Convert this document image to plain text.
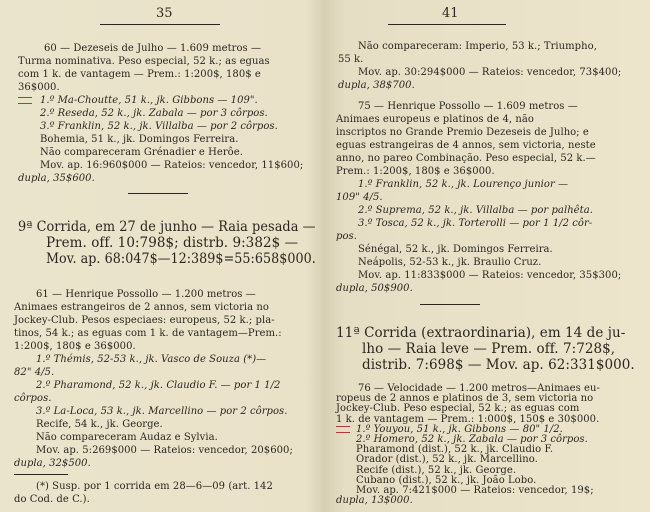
35
60 — Dezeseis de Julho — 1.609 metros —
Turma nominativa. Peso especial, 52 k.; as eguas
com 1 k. de vantagem — Prem.: 1:200$, 180$ e
36$000.
1.º Ma-Choutte, 51 k., jk. Gibbons — 109".
2.º Reseda, 52 k., jk. Zabala — por 3 côrpos.
3.º Franklin, 52 k., jk. Villalba — por 2 côrpos.
Bohemia, 51 k., jk. Domingos Ferreira.
Não compareceram Grénadier e Herôe.
Mov. ap. 16:960$000 — Rateios: vencedor, 11$600;
dupla, 35$600.
9ª Corrida, em 27 de junho — Raia pesada —
Prem. off. 10:798$; distrb. 9:382$ —
Mov. ap. 68:047$—12:389$=55:658$000.
61 — Henrique Possollo — 1.200 metros —
Animaes estrangeiros de 2 annos, sem victoria no
Jockey-Club. Pesos especiaes: europeus, 52 k.; pla-
tinos, 54 k.; as eguas com 1 k. de vantagem—Prem.:
1:200$, 180$ e 36$000.
1.º Thémis, 52-53 k., jk. Vasco de Souza (*)—
82" 4/5.
2.º Pharamond, 52 k., jk. Claudio F. — por 1 1/2
côrpos.
3.º La-Loca, 53 k., jk. Marcellino — por 2 côrpos.
Recife, 54 k., jk. George.
Não compareceram Audaz e Sylvia.
Mov. ap. 5:269$000 — Rateios: vencedor, 20$600;
dupla, 32$500.
(*) Susp. por 1 corrida em 28—6—09 (art. 142
do Cod. de C.).
41
Não compareceram: Imperio, 53 k.; Triumpho,
55 k.
Mov. ap. 30:294$000 — Rateios: vencedor, 73$400;
dupla, 38$700.
75 — Henrique Possollo — 1.609 metros —
Animaes europeus e platinos de 4, não
inscriptos no Grande Premio Dezeseis de Julho; e
eguas estrangeiras de 4 annos, sem victoria, neste
anno, no pareo Combinação. Peso especial, 52 k.—
Prem.: 1:200$, 180$ e 36$000.
1.º Franklin, 52 k., jk. Lourenço junior —
109" 4/5.
2.º Suprema, 52 k., jk. Villalba — por palhêta.
3.º Tosca, 52 k., jk. Torterolli — por 1 1/2 côr-
pos.
Sénégal, 52 k., jk. Domingos Ferreira.
Neápolis, 52-53 k., jk. Braulio Cruz.
Mov. ap. 11:833$000 — Rateios: vencedor, 35$300;
dupla, 50$900.
11ª Corrida (extraordinaria), em 14 de ju-
lho — Raia leve — Prem. off. 7:728$,
distrib. 7:698$ — Mov. ap. 62:331$000.
76 — Velocidade — 1.200 metros—Animaes eu-
ropeus de 2 annos e platinos de 3, sem victoria no
Jockey-Club. Peso especial, 52 k.; as eguas com
1 k. de vantagem — Prem.: 1:000$, 150$ e 30$000.
1.º Youyou, 51 k., jk. Gibbons — 80" 1/2.
2.º Homero, 52 k., jk. Zabala — por 3 côrpos.
Pharamond (dist.), 52 k., jk. Claudio F.
Orador (dist.), 52 k., jk. Marcellino.
Recife (dist.), 52 k., jk. George.
Cubano (dist.), 52 k., jk. João Lobo.
Mov. ap. 7:421$000 — Rateios: vencedor, 19$;
dupla, 13$000.
